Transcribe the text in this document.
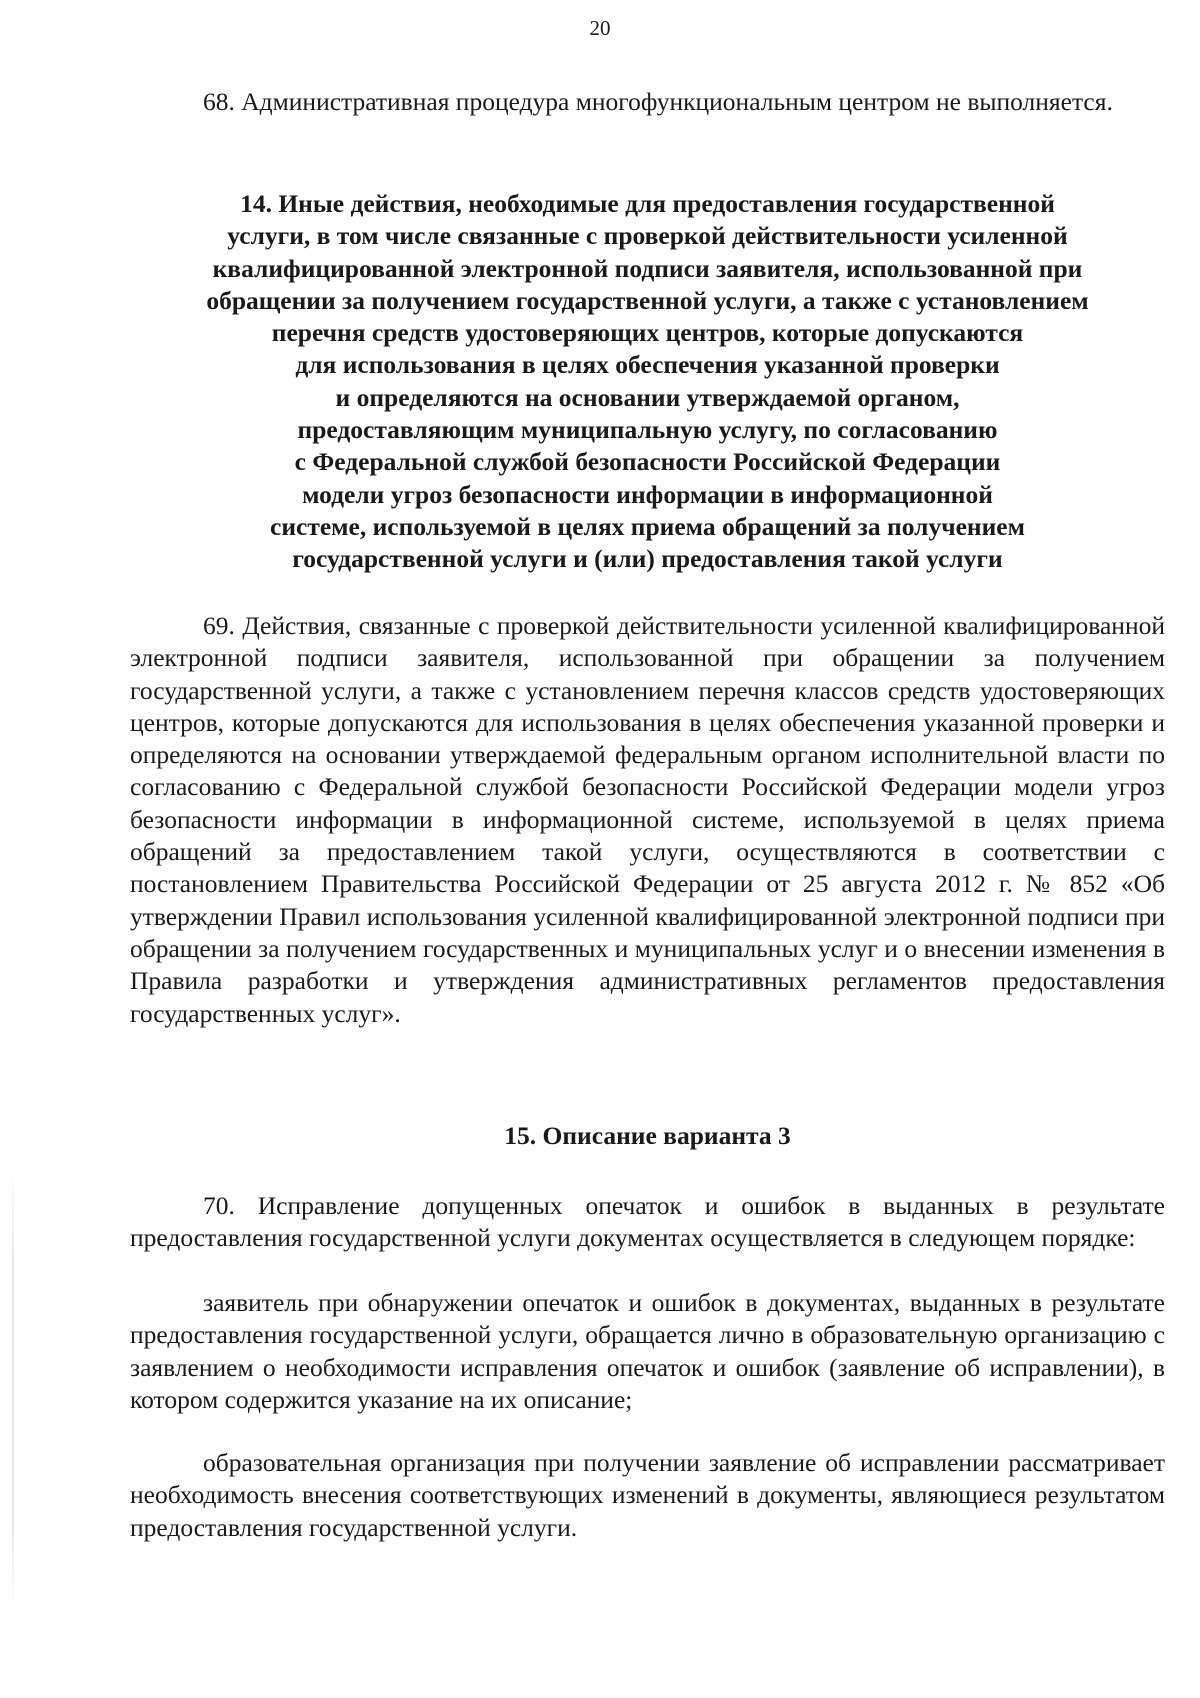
20

68. Административная процедура многофункциональным центром не выполняется.

14. Иные действия, необходимые для предоставления государственной
услуги, в том числе связанные с проверкой действительности усиленной
квалифицированной электронной подписи заявителя, использованной при
обращении за получением государственной услуги, а также с установлением
перечня средств удостоверяющих центров, которые допускаются
для использования в целях обеспечения указанной проверки
и определяются на основании утверждаемой органом,
предоставляющим муниципальную услугу, по согласованию
с Федеральной службой безопасности Российской Федерации
модели угроз безопасности информации в информационной
системе, используемой в целях приема обращений за получением
государственной услуги и (или) предоставления такой услуги

69. Действия, связанные с проверкой действительности усиленной квалифицированной электронной подписи заявителя, использованной при обращении за получением государственной услуги, а также с установлением перечня классов средств удостоверяющих центров, которые допускаются для использования в целях обеспечения указанной проверки и определяются на основании утверждаемой федеральным органом исполнительной власти по согласованию с Федеральной службой безопасности Российской Федерации модели угроз безопасности информации в информационной системе, используемой в целях приема обращений за предоставлением такой услуги, осуществляются в соответствии с постановлением Правительства Российской Федерации от 25 августа 2012 г. № 852 «Об утверждении Правил использования усиленной квалифицированной электронной подписи при обращении за получением государственных и муниципальных услуг и о внесении изменения в Правила разработки и утверждения административных регламентов предоставления государственных услуг».

15. Описание варианта 3

70. Исправление допущенных опечаток и ошибок в выданных в результате предоставления государственной услуги документах осуществляется в следующем порядке:

заявитель при обнаружении опечаток и ошибок в документах, выданных в результате предоставления государственной услуги, обращается лично в образовательную организацию с заявлением о необходимости исправления опечаток и ошибок (заявление об исправлении), в котором содержится указание на их описание;

образовательная организация при получении заявление об исправлении рассматривает необходимость внесения соответствующих изменений в документы, являющиеся результатом предоставления государственной услуги.
